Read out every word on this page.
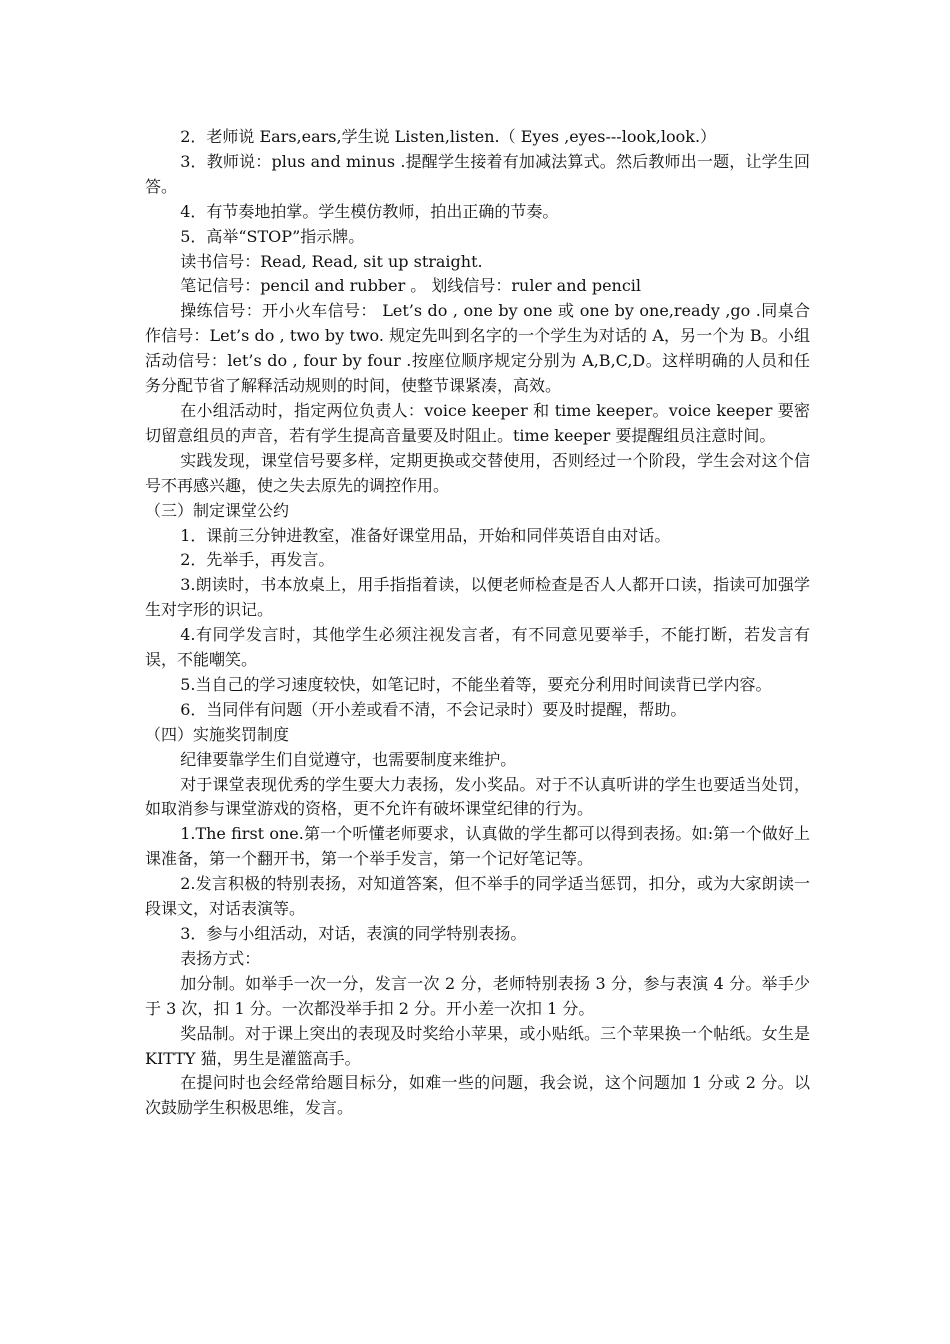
2．老师说 Ears,ears,学生说 Listen,listen.（ Eyes ,eyes---look,look.）

3．教师说：plus and minus .提醒学生接着有加减法算式。然后教师出一题，让学生回答。

4．有节奏地拍掌。学生模仿教师，拍出正确的节奏。

5．高举“STOP”指示牌。

读书信号：Read, Read, sit up straight.

笔记信号：pencil and rubber 。 划线信号：ruler and pencil

操练信号：开小火车信号： Let’s do , one by one 或 one by one,ready ,go .同桌合作信号：Let’s do , two by two. 规定先叫到名字的一个学生为对话的 A，另一个为 B。小组活动信号：let’s do , four by four .按座位顺序规定分别为 A,B,C,D。这样明确的人员和任务分配节省了解释活动规则的时间，使整节课紧凑，高效。

在小组活动时，指定两位负责人：voice keeper 和 time keeper。voice keeper 要密切留意组员的声音，若有学生提高音量要及时阻止。time keeper 要提醒组员注意时间。

实践发现，课堂信号要多样，定期更换或交替使用，否则经过一个阶段，学生会对这个信号不再感兴趣，使之失去原先的调控作用。

（三）制定课堂公约

1．课前三分钟进教室，准备好课堂用品，开始和同伴英语自由对话。

2．先举手，再发言。

3.朗读时，书本放桌上，用手指指着读，以便老师检查是否人人都开口读，指读可加强学生对字形的识记。

4.有同学发言时，其他学生必须注视发言者，有不同意见要举手，不能打断，若发言有误，不能嘲笑。

5.当自己的学习速度较快，如笔记时，不能坐着等，要充分利用时间读背已学内容。

6．当同伴有问题（开小差或看不清，不会记录时）要及时提醒，帮助。

（四）实施奖罚制度

纪律要靠学生们自觉遵守，也需要制度来维护。

对于课堂表现优秀的学生要大力表扬，发小奖品。对于不认真听讲的学生也要适当处罚，如取消参与课堂游戏的资格，更不允许有破坏课堂纪律的行为。

1.The first one.第一个听懂老师要求，认真做的学生都可以得到表扬。如:第一个做好上课准备，第一个翻开书，第一个举手发言，第一个记好笔记等。

2.发言积极的特别表扬，对知道答案，但不举手的同学适当惩罚，扣分，或为大家朗读一段课文，对话表演等。

3．参与小组活动，对话，表演的同学特别表扬。

表扬方式：

加分制。如举手一次一分，发言一次 2 分，老师特别表扬 3 分，参与表演 4 分。举手少于 3 次，扣 1 分。一次都没举手扣 2 分。开小差一次扣 1 分。

奖品制。对于课上突出的表现及时奖给小苹果，或小贴纸。三个苹果换一个帖纸。女生是 KITTY 猫，男生是灌篮高手。

在提问时也会经常给题目标分，如难一些的问题，我会说，这个问题加 1 分或 2 分。以次鼓励学生积极思维，发言。
